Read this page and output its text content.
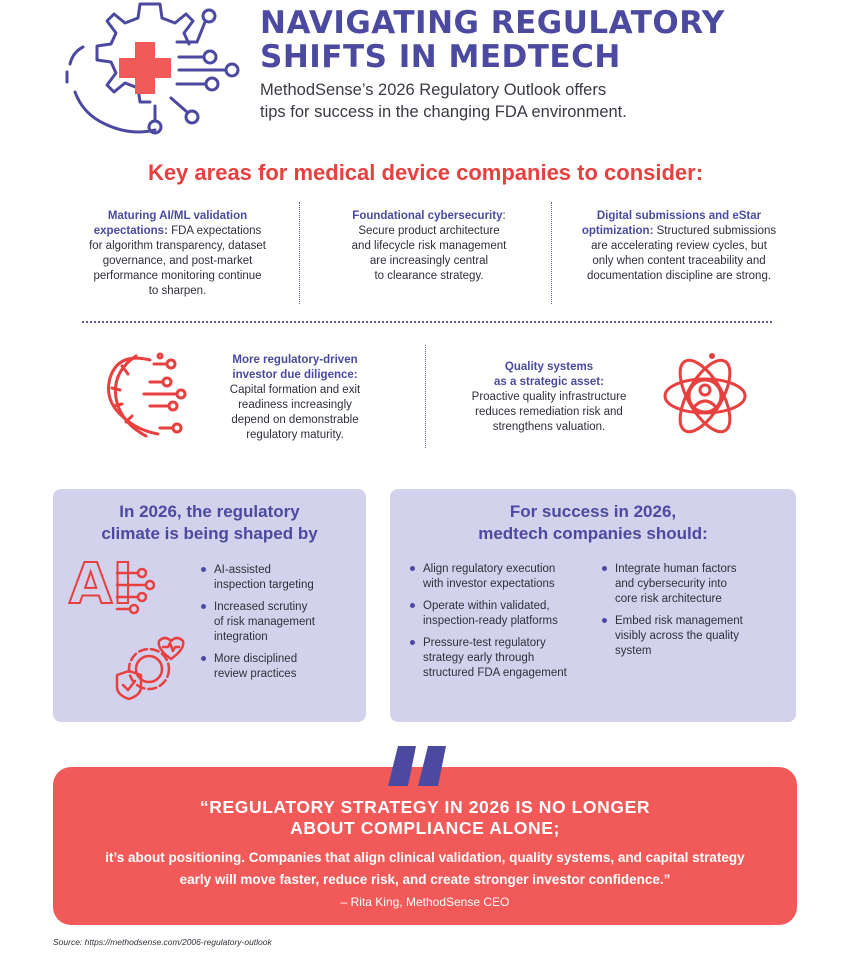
NAVIGATING REGULATORY
SHIFTS IN MEDTECH
MethodSense’s 2026 Regulatory Outlook offers
tips for success in the changing FDA environment.
Key areas for medical device companies to consider:
Maturing AI/ML validation
expectations: FDA expectations
for algorithm transparency, dataset
governance, and post-market
performance monitoring continue
to sharpen.
Foundational cybersecurity:
Secure product architecture
and lifecycle risk management
are increasingly central
to clearance strategy.
Digital submissions and eStar
optimization: Structured submissions
are accelerating review cycles, but
only when content traceability and
documentation discipline are strong.
More regulatory-driven
investor due diligence:
Capital formation and exit
readiness increasingly
depend on demonstrable
regulatory maturity.
Quality systems
as a strategic asset:
Proactive quality infrastructure
reduces remediation risk and
strengthens valuation.
In 2026, the regulatory
climate is being shaped by
AI	AI-assisted
inspection targeting
Increased scrutiny
of risk management
integration
More disciplined
review practices
For success in 2026,
medtech companies should:
Align regulatory execution
with investor expectations
Operate within validated,
inspection-ready platforms
Pressure-test regulatory
strategy early through
structured FDA engagement
Integrate human factors
and cybersecurity into
core risk architecture
Embed risk management
visibly across the quality
system
“REGULATORY STRATEGY IN 2026 IS NO LONGER
ABOUT COMPLIANCE ALONE;
it’s about positioning. Companies that align clinical validation, quality systems, and capital strategy
early will move faster, reduce risk, and create stronger investor confidence.”
– Rita King, MethodSense CEO
Source: https://methodsense.com/2006-regulatory-outlook
